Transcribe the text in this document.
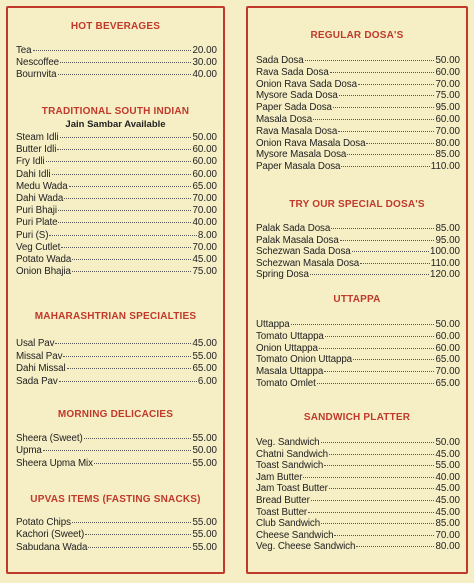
HOT BEVERAGES
Tea	20.00
Nescoffee	30.00
Bournvita	40.00
TRADITIONAL SOUTH INDIAN
Jain Sambar Available
Steam Idli	50.00
Butter Idli	60.00
Fry Idli	60.00
Dahi Idli	60.00
Medu Wada	65.00
Dahi Wada	70.00
Puri Bhaji	70.00
Puri Plate	40.00
Puri (S)	8.00
Veg Cutlet	70.00
Potato Wada	45.00
Onion Bhajia	75.00
MAHARASHTRIAN SPECIALTIES
Usal Pav	45.00
Missal Pav	55.00
Dahi Missal	65.00
Sada Pav	6.00
MORNING DELICACIES
Sheera (Sweet)	55.00
Upma	50.00
Sheera Upma Mix	55.00
UPVAS ITEMS (FASTING SNACKS)
Potato Chips	55.00
Kachori (Sweet)	55.00
Sabudana Wada	55.00
REGULAR DOSA'S
Sada Dosa	50.00
Rava Sada Dosa	60.00
Onion Rava Sada Dosa	70.00
Mysore Sada Dosa	75.00
Paper Sada Dosa	95.00
Masala Dosa	60.00
Rava Masala Dosa	70.00
Onion Rava Masala Dosa	80.00
Mysore Masala Dosa	85.00
Paper Masala Dosa	110.00
TRY OUR SPECIAL DOSA'S
Palak Sada Dosa	85.00
Palak Masala Dosa	95.00
Schezwan Sada Dosa	100.00
Schezwan Masala Dosa	110.00
Spring Dosa	120.00
UTTAPPA
Uttappa	50.00
Tomato Uttappa	60.00
Onion Uttappa	60.00
Tomato Onion Uttappa	65.00
Masala Uttappa	70.00
Tomato Omlet	65.00
SANDWICH PLATTER
Veg. Sandwich	50.00
Chatni Sandwich	45.00
Toast Sandwich	55.00
Jam Butter	40.00
Jam Toast Butter	45.00
Bread Butter	45.00
Toast Butter	45.00
Club Sandwich	85.00
Cheese Sandwich	70.00
Veg. Cheese Sandwich	80.00
